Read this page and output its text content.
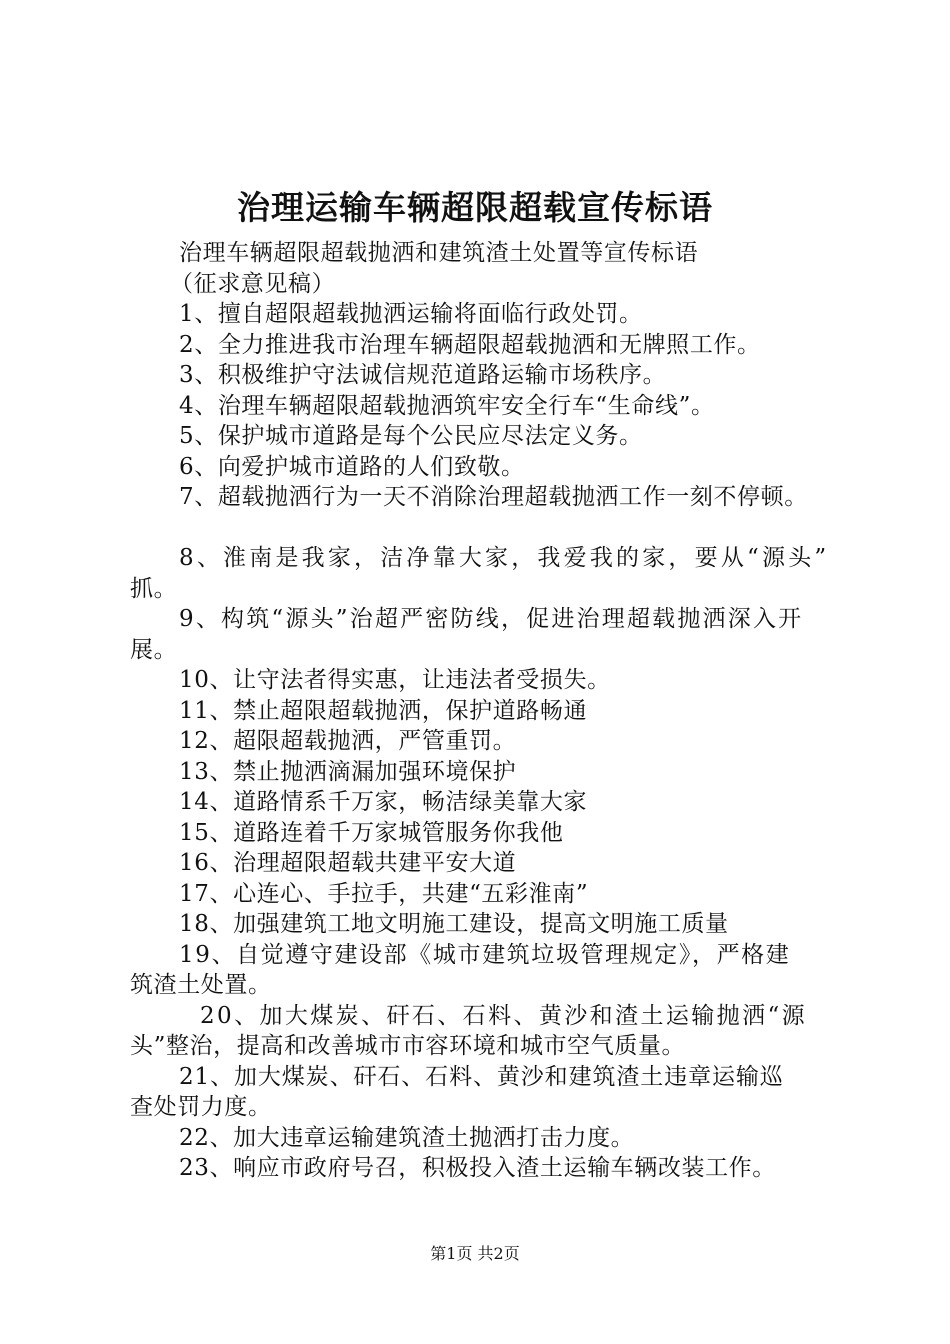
治理运输车辆超限超载宣传标语
治理车辆超限超载抛洒和建筑渣土处置等宣传标语
（征求意见稿）
1、擅自超限超载抛洒运输将面临行政处罚。
2、全力推进我市治理车辆超限超载抛洒和无牌照工作。
3、积极维护守法诚信规范道路运输市场秩序。
4、治理车辆超限超载抛洒筑牢安全行车“生命线”。
5、保护城市道路是每个公民应尽法定义务。
6、向爱护城市道路的人们致敬。
7、超载抛洒行为一天不消除治理超载抛洒工作一刻不停顿。
8、淮南是我家，洁净靠大家，我爱我的家，要从“源头”
抓。
9、构筑“源头”治超严密防线，促进治理超载抛洒深入开
展。
10、让守法者得实惠，让违法者受损失。
11、禁止超限超载抛洒，保护道路畅通
12、超限超载抛洒，严管重罚。
13、禁止抛洒滴漏加强环境保护
14、道路情系千万家，畅洁绿美靠大家
15、道路连着千万家城管服务你我他
16、治理超限超载共建平安大道
17、心连心、手拉手，共建“五彩淮南”
18、加强建筑工地文明施工建设，提高文明施工质量
19、自觉遵守建设部《城市建筑垃圾管理规定》，严格建
筑渣土处置。
20、加大煤炭、矸石、石料、黄沙和渣土运输抛洒“源
头”整治，提高和改善城市市容环境和城市空气质量。
21、加大煤炭、矸石、石料、黄沙和建筑渣土违章运输巡
查处罚力度。
22、加大违章运输建筑渣土抛洒打击力度。
23、响应市政府号召，积极投入渣土运输车辆改装工作。
第1页 共2页
